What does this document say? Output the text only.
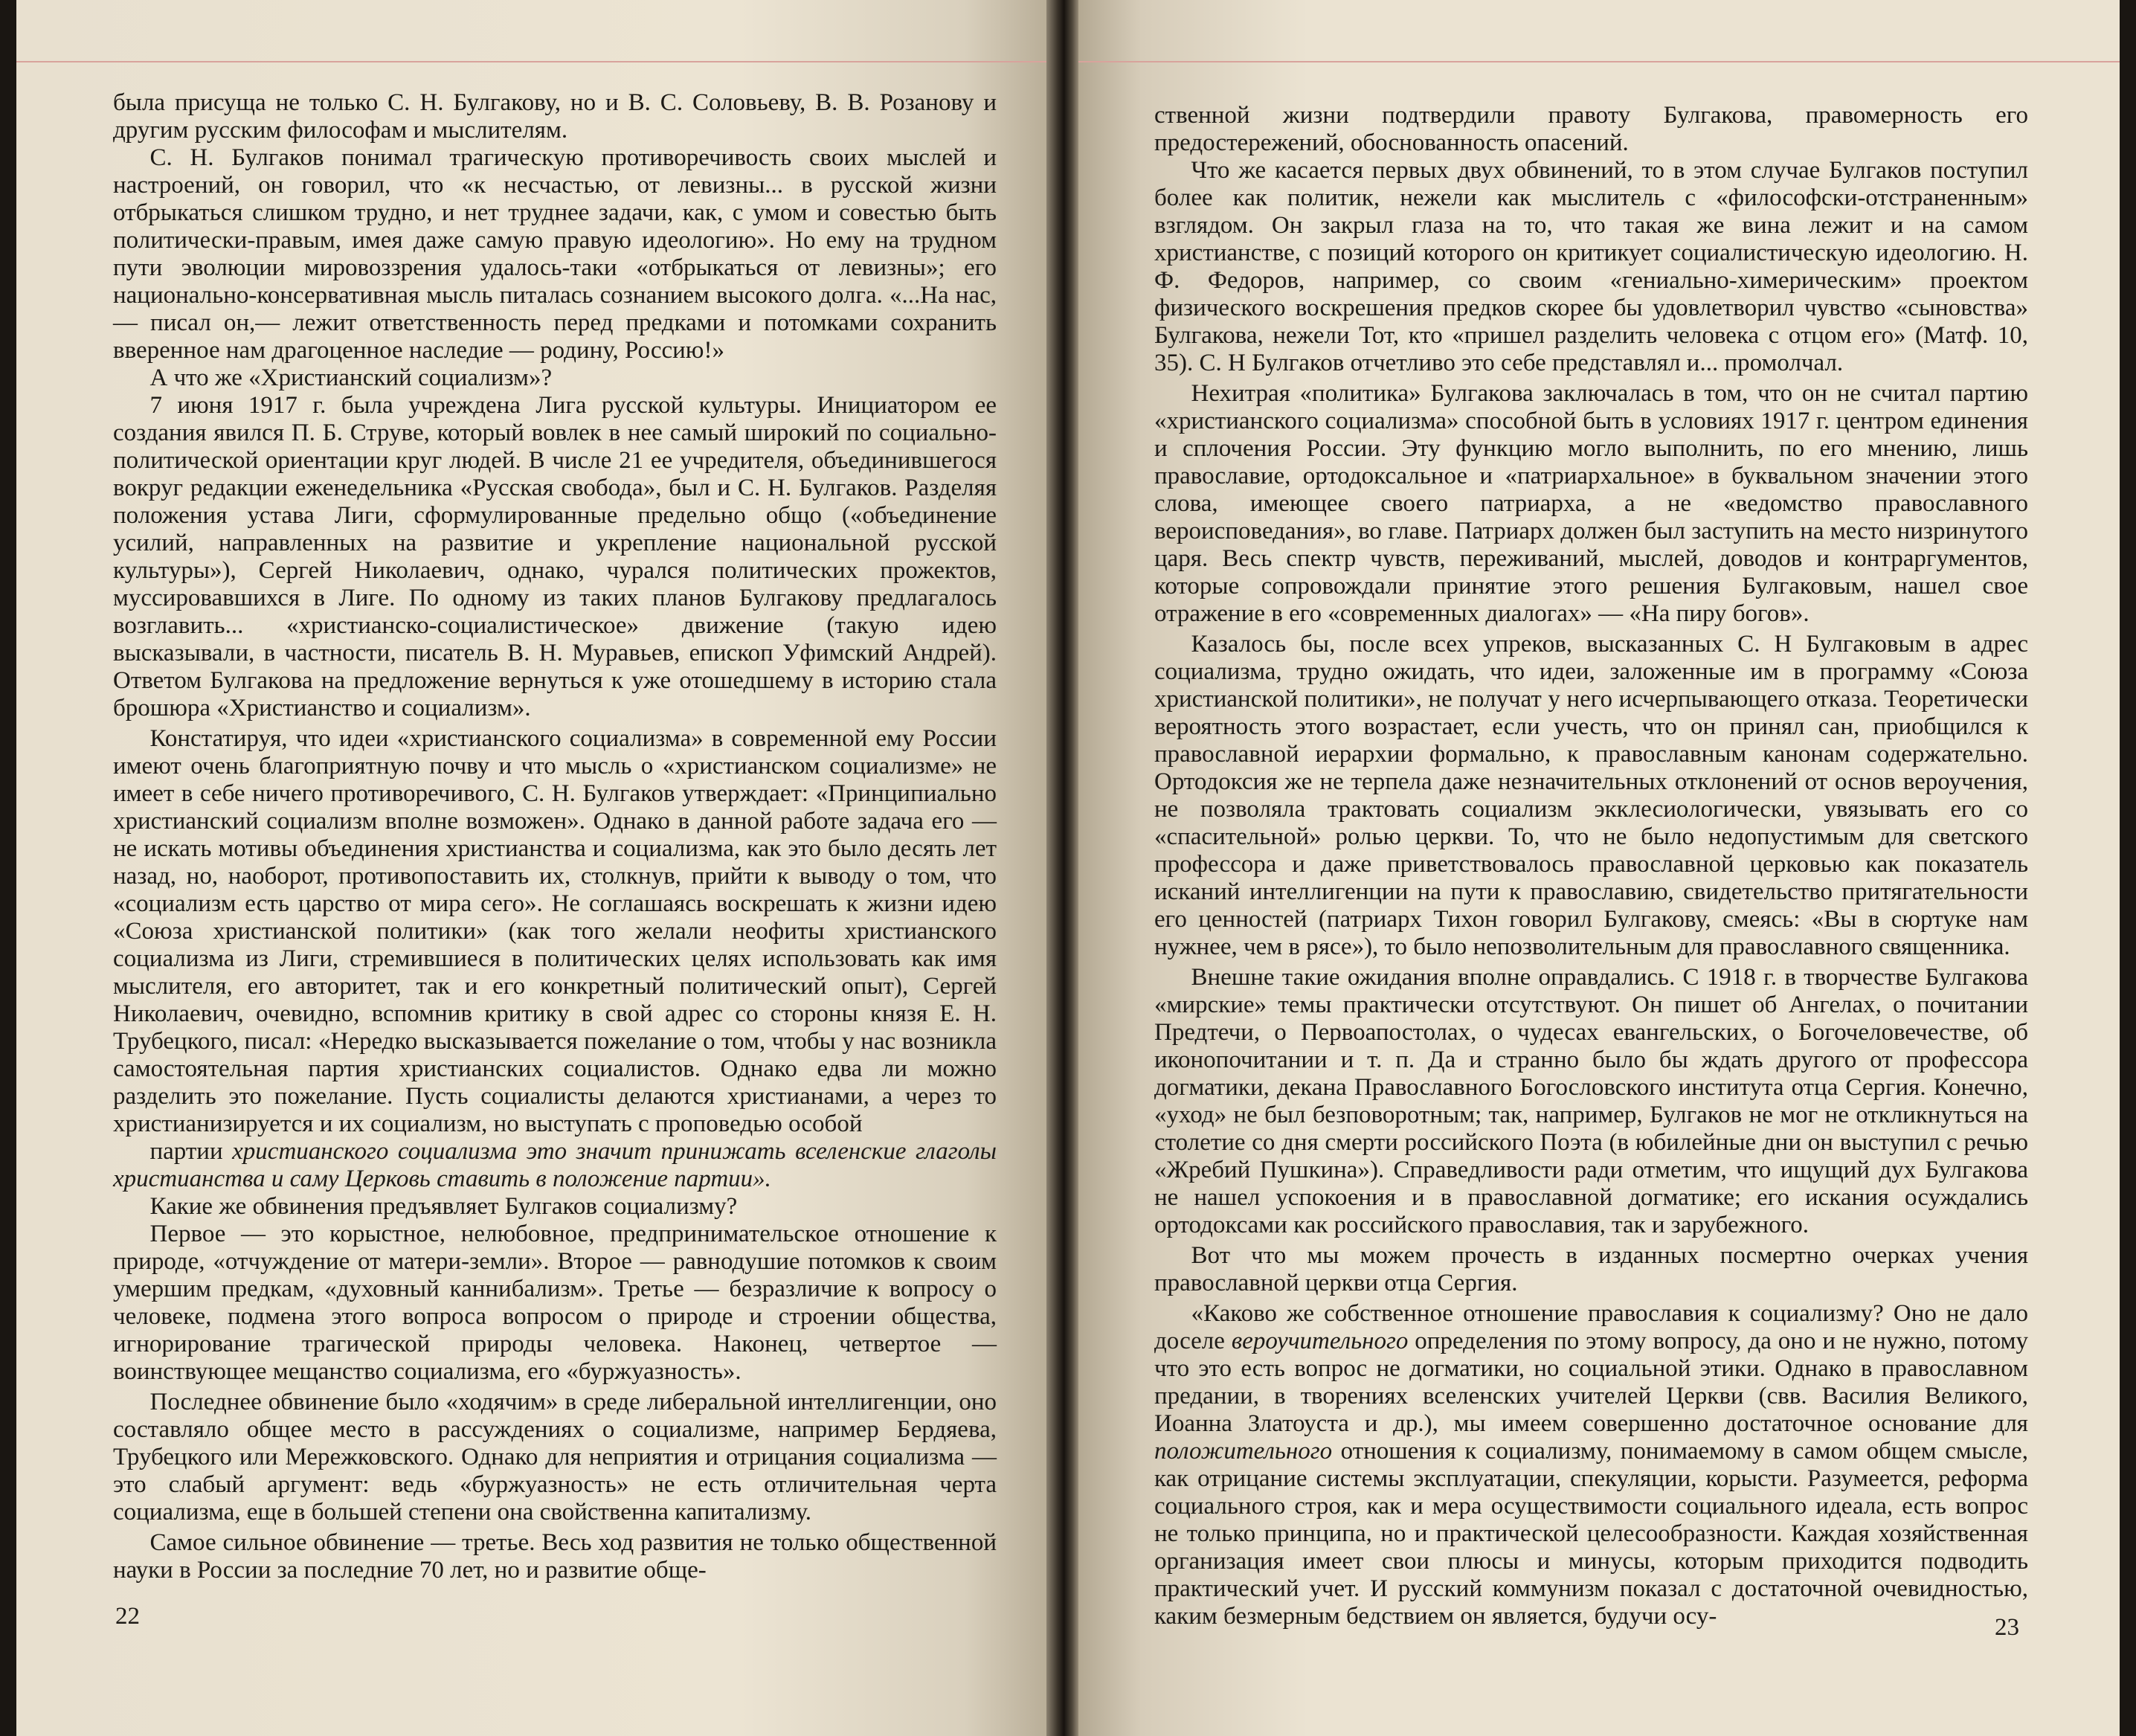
была присуща не только С. Н. Булгакову, но и В. С. Соловьеву, В. В. Розанову и другим русским философам и мыслителям.

С. Н. Булгаков понимал трагическую противоречивость своих мыслей и настроений, он говорил, что «к несчастью, от левизны... в русской жизни отбрыкаться слишком трудно, и нет труднее задачи, как, с умом и совестью быть политически-правым, имея даже самую правую идеологию». Но ему на трудном пути эволюции мировоззрения удалось-таки «отбрыкаться от левизны»; его национально-консервативная мысль питалась сознанием высокого долга. «...На нас,— писал он,— лежит ответственность перед предками и потомками сохранить вверенное нам драгоценное наследие — родину, Россию!»

А что же «Христианский социализм»?

7 июня 1917 г. была учреждена Лига русской культуры. Инициатором ее создания явился П. Б. Струве, который вовлек в нее самый широкий по социально-политической ориентации круг людей. В числе 21 ее учредителя, объединившегося вокруг редакции еженедельника «Русская свобода», был и С. Н. Булгаков. Разделяя положения устава Лиги, сформулированные предельно общо («объединение усилий, направленных на развитие и укрепление национальной русской культуры»), Сергей Николаевич, однако, чурался политических прожектов, муссировавшихся в Лиге. По одному из таких планов Булгакову предлагалось возглавить... «христианско-социалистическое» движение (такую идею высказывали, в частности, писатель В. Н. Муравьев, епископ Уфимский Андрей). Ответом Булгакова на предложение вернуться к уже отошедшему в историю стала брошюра «Христианство и социализм».

Констатируя, что идеи «христианского социализма» в современной ему России имеют очень благоприятную почву и что мысль о «христианском социализме» не имеет в себе ничего противоречивого, С. Н. Булгаков утверждает: «Принципиально христианский социализм вполне возможен». Однако в данной работе задача его — не искать мотивы объединения христианства и социализма, как это было десять лет назад, но, наоборот, противопоставить их, столкнув, прийти к выводу о том, что «социализм есть царство от мира сего». Не соглашаясь воскрешать к жизни идею «Союза христианской политики» (как того желали неофиты христианского социализма из Лиги, стремившиеся в политических целях использовать как имя мыслителя, его авторитет, так и его конкретный политический опыт), Сергей Николаевич, очевидно, вспомнив критику в свой адрес со стороны князя Е. Н. Трубецкого, писал: «Нередко высказывается пожелание о том, чтобы у нас возникла самостоятельная партия христианских социалистов. Однако едва ли можно разделить это пожелание. Пусть социалисты делаются христианами, а через то христианизируется и их социализм, но выступать с проповедью особой

партии христианского социализма это значит принижать вселенские глаголы христианства и саму Церковь ставить в положение партии».

Какие же обвинения предъявляет Булгаков социализму?

Первое — это корыстное, нелюбовное, предпринимательское отношение к природе, «отчуждение от матери-земли». Второе — равнодушие потомков к своим умершим предкам, «духовный каннибализм». Третье — безразличие к вопросу о человеке, подмена этого вопроса вопросом о природе и строении общества, игнорирование трагической природы человека. Наконец, четвертое — воинствующее мещанство социализма, его «буржуазность».

Последнее обвинение было «ходячим» в среде либеральной интеллигенции, оно составляло общее место в рассуждениях о социализме, например Бердяева, Трубецкого или Мережковского. Однако для неприятия и отрицания социализма — это слабый аргумент: ведь «буржуазность» не есть отличительная черта социализма, еще в большей степени она свойственна капитализму.

Самое сильное обвинение — третье. Весь ход развития не только общественной науки в России за последние 70 лет, но и развитие обще-

ственной жизни подтвердили правоту Булгакова, правомерность его предостережений, обоснованность опасений.

Что же касается первых двух обвинений, то в этом случае Булгаков поступил более как политик, нежели как мыслитель с «философски-отстраненным» взглядом. Он закрыл глаза на то, что такая же вина лежит и на самом христианстве, с позиций которого он критикует социалистическую идеологию. Н. Ф. Федоров, например, со своим «гениально-химерическим» проектом физического воскрешения предков скорее бы удовлетворил чувство «сыновства» Булгакова, нежели Тот, кто «пришел разделить человека с отцом его» (Матф. 10, 35). С. Н Булгаков отчетливо это себе представлял и... промолчал.

Нехитрая «политика» Булгакова заключалась в том, что он не считал партию «христианского социализма» способной быть в условиях 1917 г. центром единения и сплочения России. Эту функцию могло выполнить, по его мнению, лишь православие, ортодоксальное и «патриархальное» в буквальном значении этого слова, имеющее своего патриарха, а не «ведомство православного вероисповедания», во главе. Патриарх должен был заступить на место низринутого царя. Весь спектр чувств, переживаний, мыслей, доводов и контраргументов, которые сопровождали принятие этого решения Булгаковым, нашел свое отражение в его «современных диалогах» — «На пиру богов».

Казалось бы, после всех упреков, высказанных С. Н Булгаковым в адрес социализма, трудно ожидать, что идеи, заложенные им в программу «Союза христианской политики», не получат у него исчерпывающего отказа. Теоретически вероятность этого возрастает, если учесть, что он принял сан, приобщился к православной иерархии формально, к православным канонам содержательно. Ортодоксия же не терпела даже незначительных отклонений от основ вероучения, не позволяла трактовать социализм экклесиологически, увязывать его со «спасительной» ролью церкви. То, что не было недопустимым для светского профессора и даже приветствовалось православной церковью как показатель исканий интеллигенции на пути к православию, свидетельство притягательности его ценностей (патриарх Тихон говорил Булгакову, смеясь: «Вы в сюртуке нам нужнее, чем в рясе»), то было непозволительным для православного священника.

Внешне такие ожидания вполне оправдались. С 1918 г. в творчестве Булгакова «мирские» темы практически отсутствуют. Он пишет об Ангелах, о почитании Предтечи, о Первоапостолах, о чудесах евангельских, о Богочеловечестве, об иконопочитании и т. п. Да и странно было бы ждать другого от профессора догматики, декана Православного Богословского института отца Сергия. Конечно, «уход» не был безповоротным; так, например, Булгаков не мог не откликнуться на столетие со дня смерти российского Поэта (в юбилейные дни он выступил с речью «Жребий Пушкина»). Справедливости ради отметим, что ищущий дух Булгакова не нашел успокоения и в православной догматике; его искания осуждались ортодоксами как российского православия, так и зарубежного.

Вот что мы можем прочесть в изданных посмертно очерках учения православной церкви отца Сергия.

«Каково же собственное отношение православия к социализму? Оно не дало доселе вероучительного определения по этому вопросу, да оно и не нужно, потому что это есть вопрос не догматики, но социальной этики. Однако в православном предании, в творениях вселенских учителей Церкви (свв. Василия Великого, Иоанна Златоуста и др.), мы имеем совершенно достаточное основание для положительного отношения к социализму, понимаемому в самом общем смысле, как отрицание системы эксплуатации, спекуляции, корысти. Разумеется, реформа социального строя, как и мера осуществимости социального идеала, есть вопрос не только принципа, но и практической целесообразности. Каждая хозяйственная организация имеет свои плюсы и минусы, которым приходится подводить практический учет. И русский коммунизм показал с достаточной очевидностью, каким безмерным бедствием он является, будучи осу-

22	23
